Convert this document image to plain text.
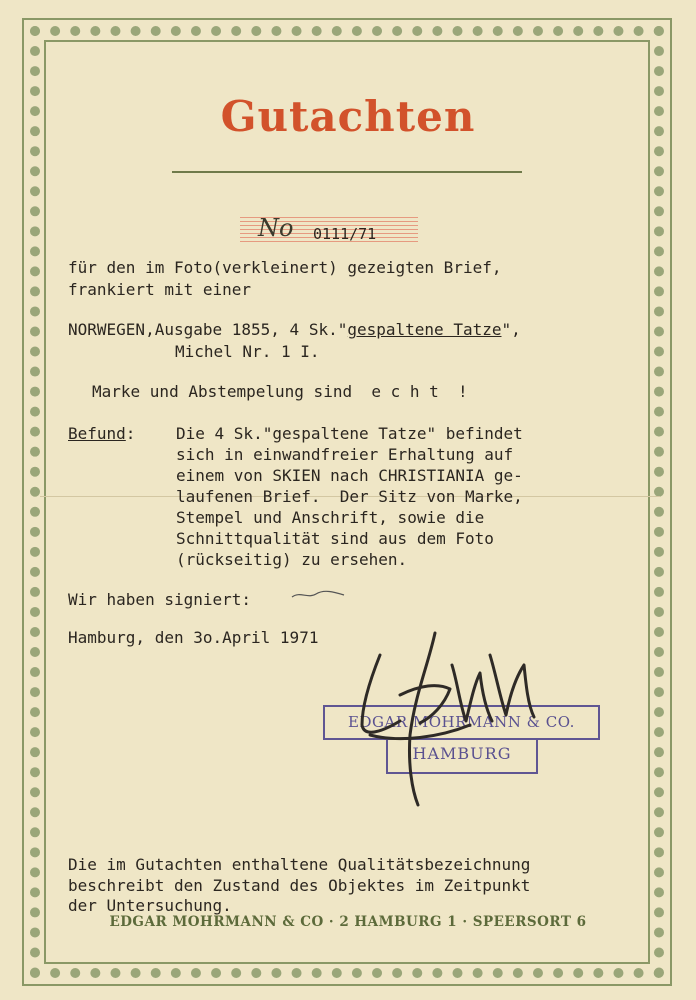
Gutachten
No 0111/71
für den im Foto(verkleinert) gezeigten Brief,
frankiert mit einer
NORWEGEN,Ausgabe 1855, 4 Sk."gespaltene Tatze",
Michel Nr. 1 I.
Marke und Abstempelung sind  e c h t  !
Befund:	Die 4 Sk."gespaltene Tatze" befindet
sich in einwandfreier Erhaltung auf
einem von SKIEN nach CHRISTIANIA ge-
laufenen Brief.  Der Sitz von Marke,
Stempel und Anschrift, sowie die
Schnittqualität sind aus dem Foto
(rückseitig) zu ersehen.
Wir haben signiert:
Hamburg, den 3o.April 1971
EDGAR MOHRMANN & CO.
HAMBURG
Die im Gutachten enthaltene Qualitätsbezeichnung
beschreibt den Zustand des Objektes im Zeitpunkt
der Untersuchung.
EDGAR MOHRMANN & CO · 2 HAMBURG 1 · SPEERSORT 6
